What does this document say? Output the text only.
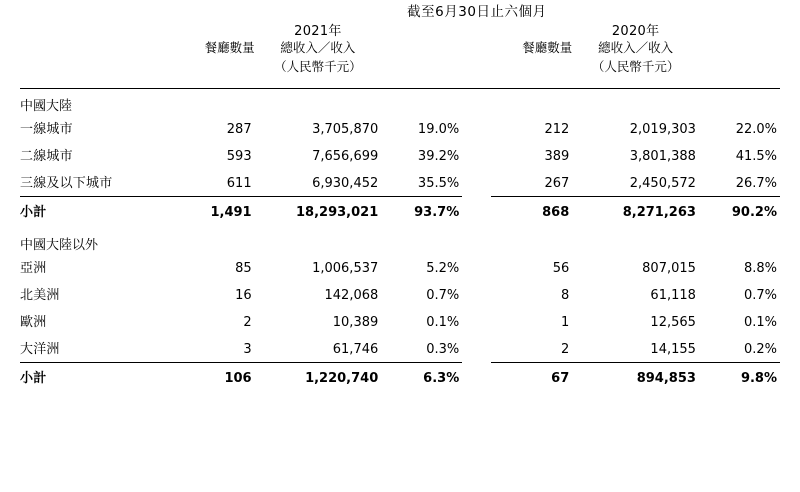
	截至6月30日止六個月						
	2021年				2020年		
	餐廳數量	總收入／收入			餐廳數量	總收入／收入	
		（人民幣千元）				（人民幣千元）	

中國大陸							
一線城市	287	3,705,870	19.0%		212	2,019,303	22.0%
二線城市	593	7,656,699	39.2%		389	3,801,388	41.5%
三線及以下城市	611	6,930,452	35.5%		267	2,450,572	26.7%
小計	1,491	18,293,021	93.7%		868	8,271,263	90.2%

中國大陸以外							
亞洲	85	1,006,537	5.2%		56	807,015	8.8%
北美洲	16	142,068	0.7%		8	61,118	0.7%
歐洲	2	10,389	0.1%		1	12,565	0.1%
大洋洲	3	61,746	0.3%		2	14,155	0.2%
小計	106	1,220,740	6.3%		67	894,853	9.8%
